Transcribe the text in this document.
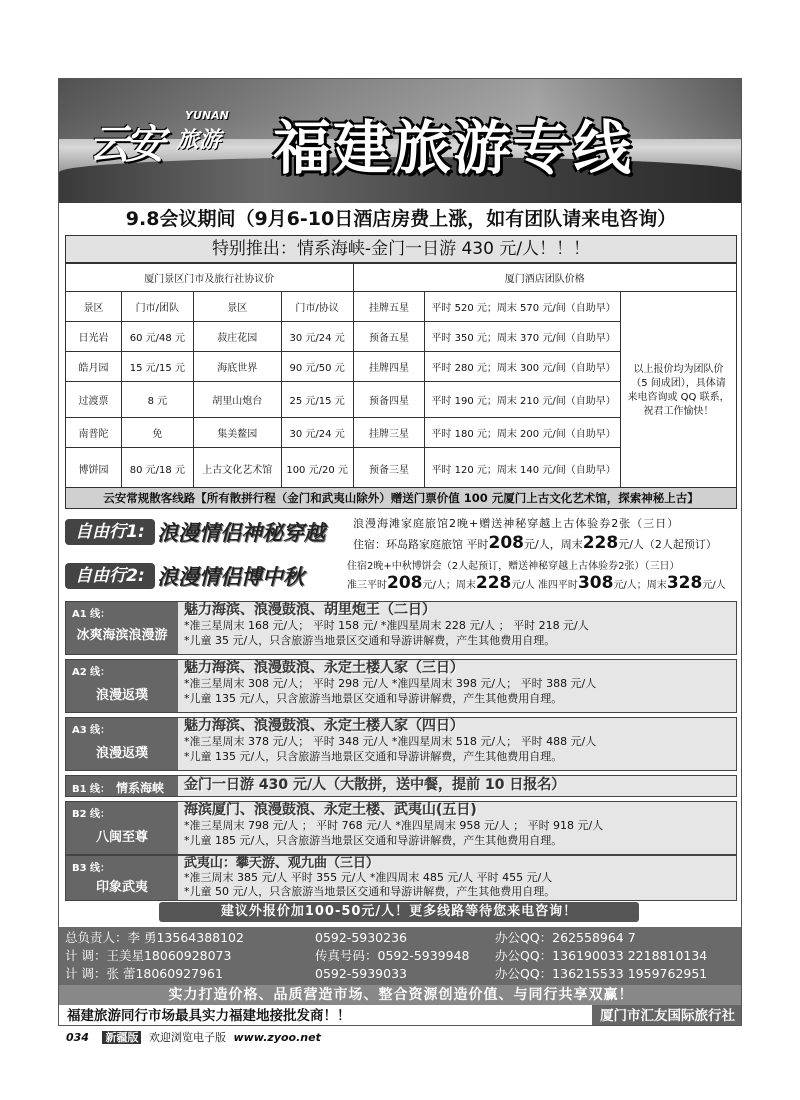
云安
YUNAN
旅游 福建旅游专线
9.8会议期间（9月6-10日酒店房费上涨，如有团队请来电咨询）
特别推出：情系海峡-金门一日游 430 元/人！！！
厦门景区门市及旅行社协议价				厦门酒店团队价格		
景区	门市/团队	景区	门市/协议	挂牌五星	平时 520 元；周末 570 元/间（自助早）	以上报价均为团队价（5 间成团），具体请来电咨询或 QQ 联系，祝君工作愉快！
日光岩	60 元/48 元	菽庄花园	30 元/24 元	预备五星	平时 350 元；周末 370 元/间（自助早）	
皓月园	15 元/15 元	海底世界	90 元/50 元	挂牌四星	平时 280 元；周末 300 元/间（自助早）	
过渡票	8 元	胡里山炮台	25 元/15 元	预备四星	平时 190 元；周末 210 元/间（自助早）	
南普陀	免	集美鳌园	30 元/24 元	挂牌三星	平时 180 元；周末 200 元/间（自助早）	
博饼园	80 元/18 元	上古文化艺术馆	100 元/20 元	预备三星	平时 120 元；周末 140 元/间（自助早）	
云安常规散客线路【所有散拼行程（金门和武夷山除外）赠送门票价值 100 元厦门上古文化艺术馆，探索神秘上古】
自由行1: 浪漫情侣神秘穿越	浪漫海滩家庭旅馆2晚+赠送神秘穿越上古体验券2张（三日）
住宿：环岛路家庭旅馆 平时208元/人，周末228元/人（2人起预订）
自由行2: 浪漫情侣博中秋	住宿2晚+中秋博饼会（2人起预订，赠送神秘穿越上古体验券2张）（三日）
准三平时208元/人；周末228元/人 准四平时308元/人；周末328元/人
A1 线：
冰爽海滨浪漫游
魅力海滨、浪漫鼓浪、胡里炮王（二日）
*准三星周末 168 元/人； 平时 158 元/ *准四星周末 228 元/人 ； 平时 218 元/人
*儿童 35 元/人，只含旅游当地景区交通和导游讲解费，产生其他费用自理。
A2 线：
浪漫返璞
魅力海滨、浪漫鼓浪、永定土楼人家（三日）
*准三星周末 308 元/人； 平时 298 元/人 *准四星周末 398 元/人； 平时 388 元/人
*儿童 135 元/人，只含旅游当地景区交通和导游讲解费，产生其他费用自理。
A3 线：
浪漫返璞
魅力海滨、浪漫鼓浪、永定土楼人家（四日）
*准三星周末 378 元/人； 平时 348 元/人 *准四星周末 518 元/人； 平时 488 元/人
*儿童 135 元/人，只含旅游当地景区交通和导游讲解费，产生其他费用自理。
B1 线： 情系海峡	金门一日游 430 元/人（大散拼，送中餐，提前 10 日报名）
B2 线：
八闽至尊
海滨厦门、浪漫鼓浪、永定土楼、武夷山(五日)
*准三星周末 798 元/人 ； 平时 768 元/人 *准四星周末 958 元/人 ； 平时 918 元/人
*儿童 185 元/人，只含旅游当地景区交通和导游讲解费，产生其他费用自理。
B3 线：
印象武夷
武夷山：攀天游、观九曲（三日）
*准三周末 385 元/人 平时 355 元/人 *准四周末 485 元/人 平时 455 元/人
*儿童 50 元/人，只含旅游当地景区交通和导游讲解费，产生其他费用自理。
建议外报价加100-50元/人！更多线路等待您来电咨询！
总负责人：李 勇13564388102	0592-5930236	办公QQ：262558964 7
计 调：王美星18060928073	传真号码：0592-5939948 办公QQ：136190033 2218810134
计 调：张 蕾18060927961	0592-5939033	办公QQ：136215533 1959762951
实力打造价格、品质营造市场、整合资源创造价值、与同行共享双赢！
福建旅游同行市场最具实力福建地接批发商！！	厦门市汇友国际旅行社
034 新疆版 欢迎浏览电子版 www.zyoo.net
